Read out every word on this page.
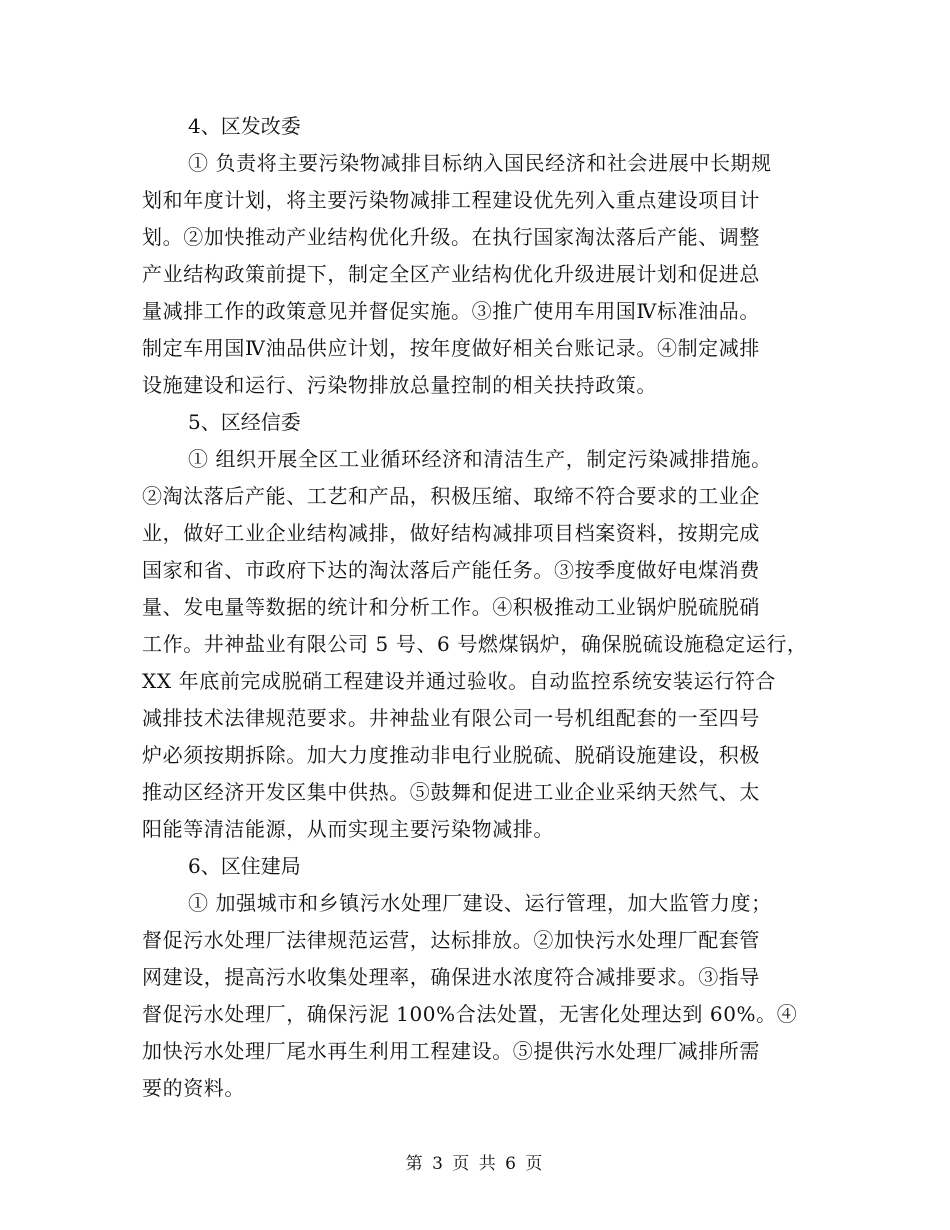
4、区发改委

① 负责将主要污染物减排目标纳入国民经济和社会进展中长期规
划和年度计划，将主要污染物减排工程建设优先列入重点建设项目计
划。②加快推动产业结构优化升级。在执行国家淘汰落后产能、调整
产业结构政策前提下，制定全区产业结构优化升级进展计划和促进总
量减排工作的政策意见并督促实施。③推广使用车用国Ⅳ标准油品。
制定车用国Ⅳ油品供应计划，按年度做好相关台账记录。④制定减排
设施建设和运行、污染物排放总量控制的相关扶持政策。

5、区经信委

① 组织开展全区工业循环经济和清洁生产，制定污染减排措施。
②淘汰落后产能、工艺和产品，积极压缩、取缔不符合要求的工业企
业，做好工业企业结构减排，做好结构减排项目档案资料，按期完成
国家和省、市政府下达的淘汰落后产能任务。③按季度做好电煤消费
量、发电量等数据的统计和分析工作。④积极推动工业锅炉脱硫脱硝
工作。井神盐业有限公司 5 号、6 号燃煤锅炉，确保脱硫设施稳定运行，
XX 年底前完成脱硝工程建设并通过验收。自动监控系统安装运行符合
减排技术法律规范要求。井神盐业有限公司一号机组配套的一至四号
炉必须按期拆除。加大力度推动非电行业脱硫、脱硝设施建设，积极
推动区经济开发区集中供热。⑤鼓舞和促进工业企业采纳天然气、太
阳能等清洁能源，从而实现主要污染物减排。

6、区住建局

① 加强城市和乡镇污水处理厂建设、运行管理，加大监管力度；
督促污水处理厂法律规范运营，达标排放。②加快污水处理厂配套管
网建设，提高污水收集处理率，确保进水浓度符合减排要求。③指导
督促污水处理厂，确保污泥 100%合法处置，无害化处理达到 60%。④
加快污水处理厂尾水再生利用工程建设。⑤提供污水处理厂减排所需
要的资料。

第 3 页 共 6 页
